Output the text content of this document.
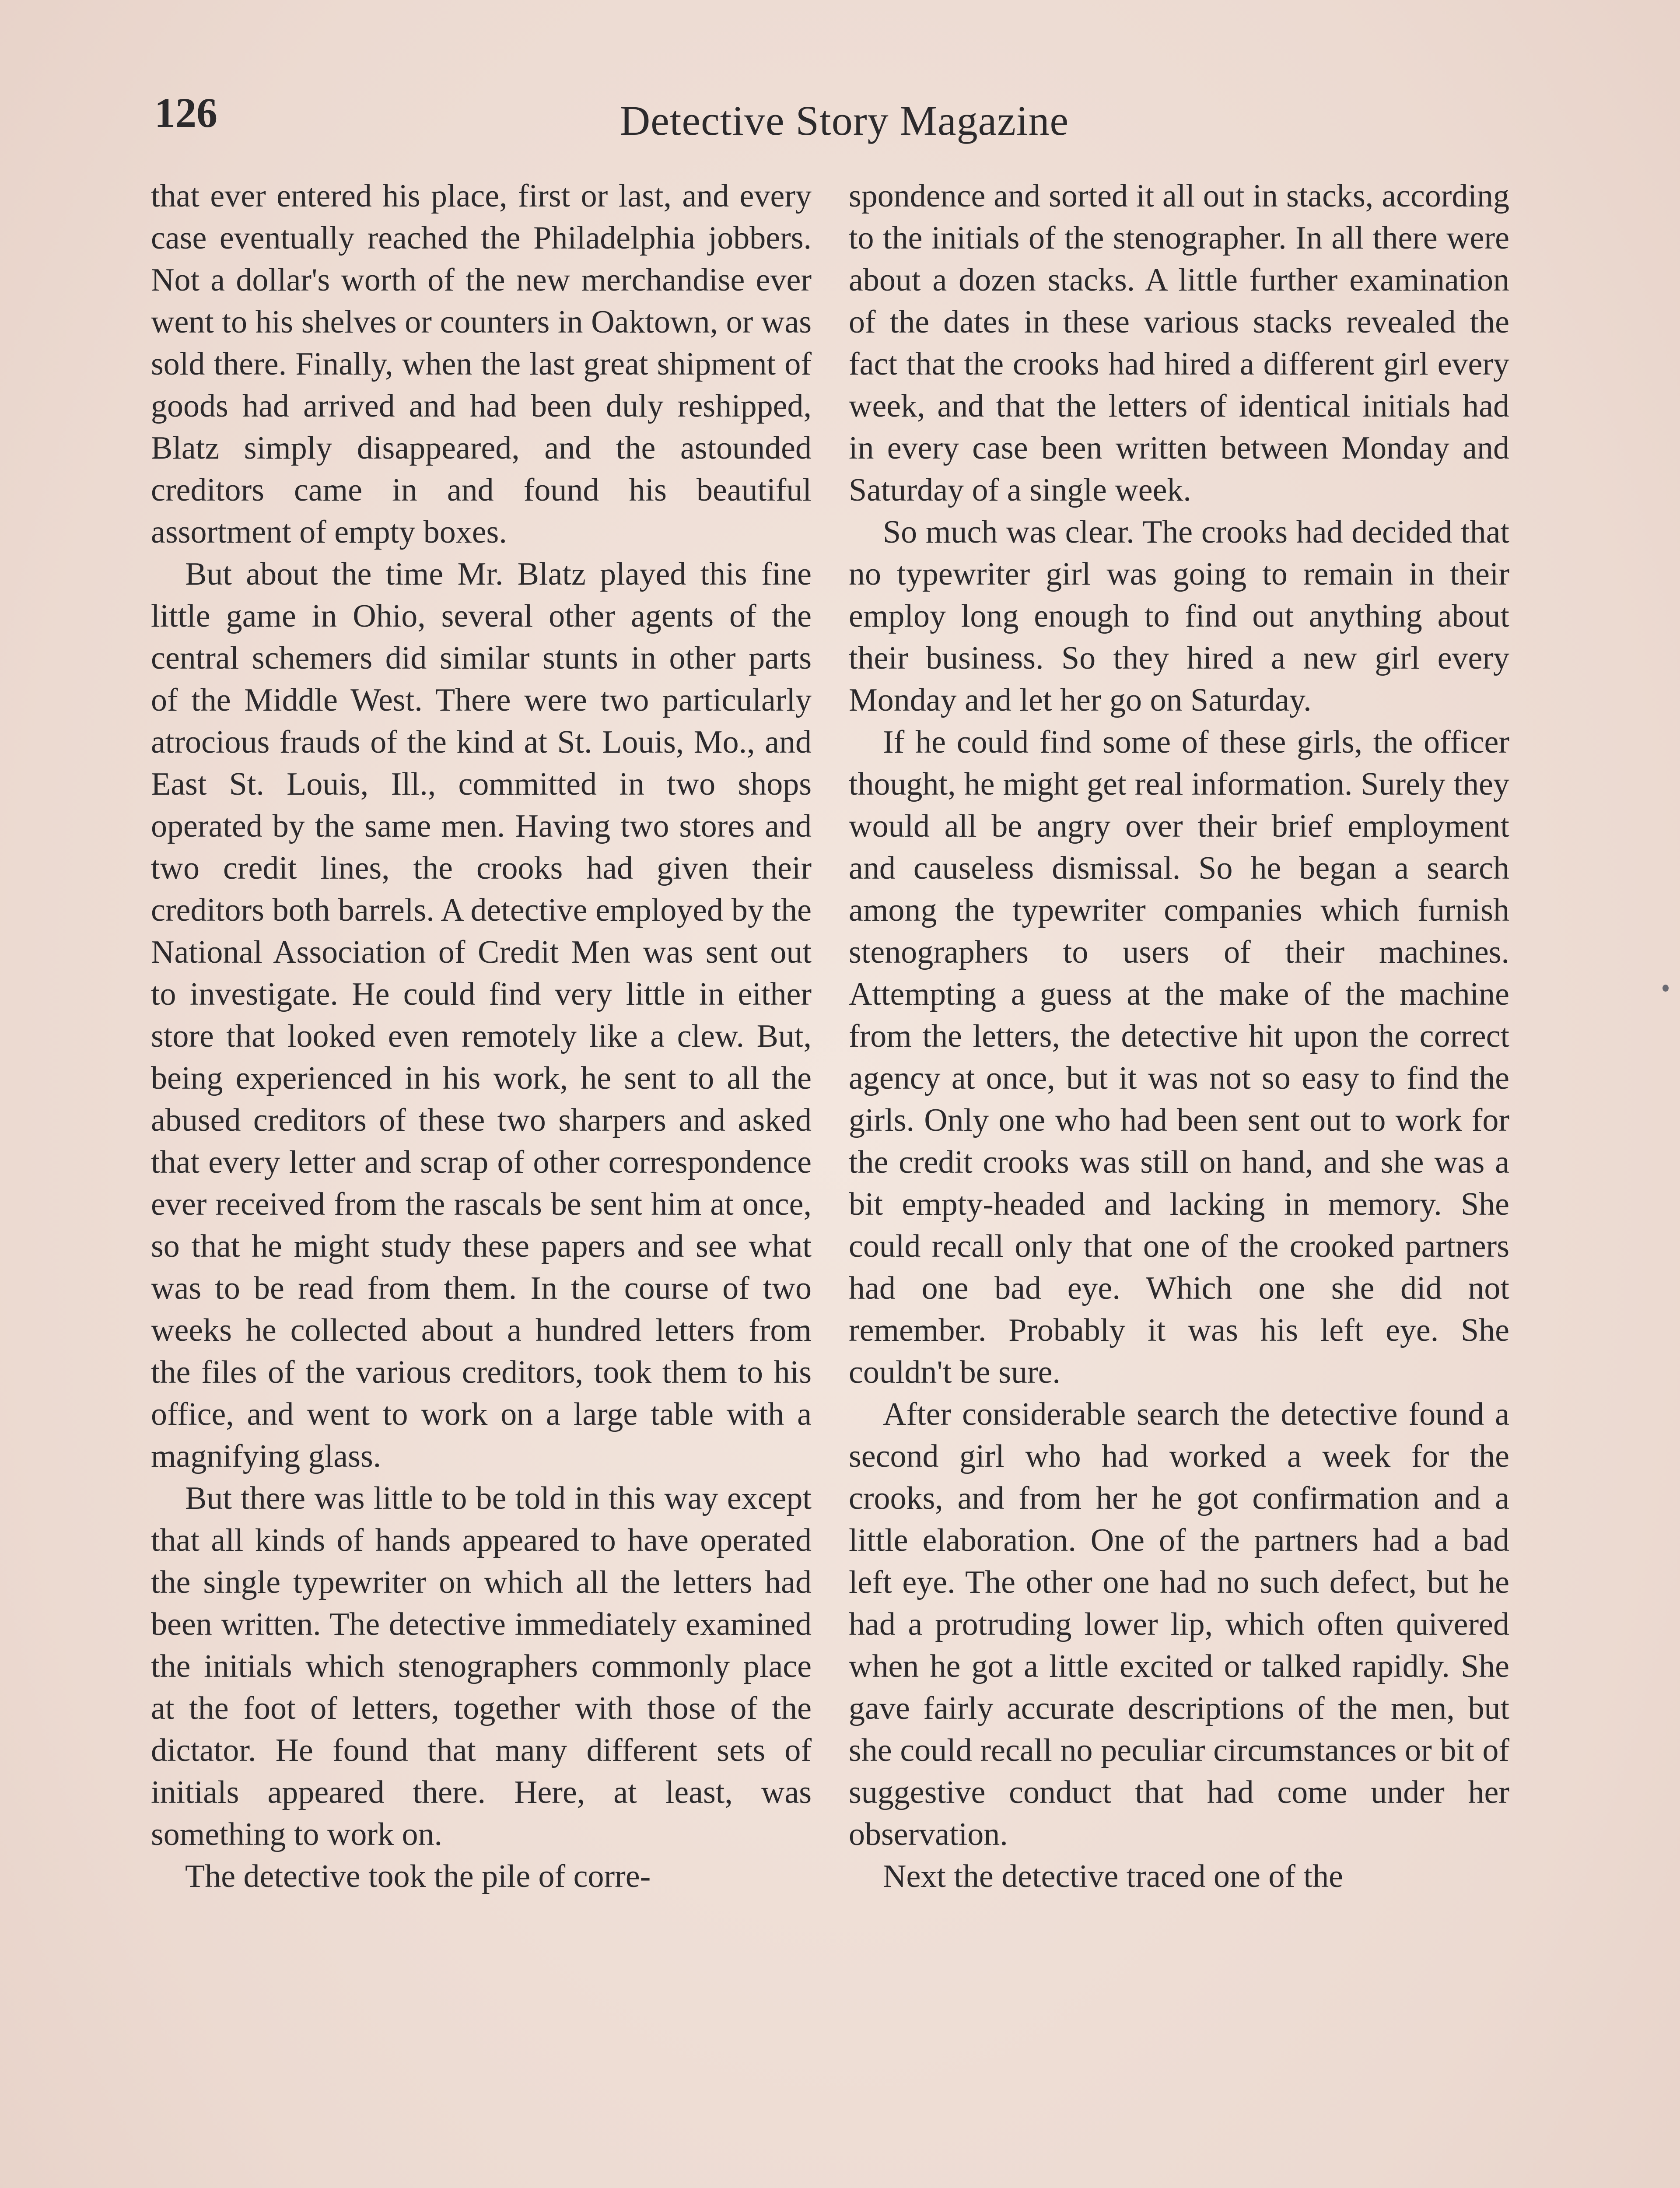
126	Detective Story Magazine

that ever entered his place, first or last, and every case eventually reached the Philadelphia jobbers. Not a dollar's worth of the new merchandise ever went to his shelves or counters in Oaktown, or was sold there. Finally, when the last great shipment of goods had arrived and had been duly reshipped, Blatz simply disappeared, and the astounded creditors came in and found his beautiful assortment of empty boxes.

But about the time Mr. Blatz played this fine little game in Ohio, several other agents of the central schemers did similar stunts in other parts of the Middle West. There were two particularly atrocious frauds of the kind at St. Louis, Mo., and East St. Louis, Ill., committed in two shops operated by the same men. Having two stores and two credit lines, the crooks had given their creditors both barrels. A detective employed by the National Association of Credit Men was sent out to investigate. He could find very little in either store that looked even remotely like a clew. But, being experienced in his work, he sent to all the abused creditors of these two sharpers and asked that every letter and scrap of other correspondence ever received from the rascals be sent him at once, so that he might study these papers and see what was to be read from them. In the course of two weeks he collected about a hundred letters from the files of the various creditors, took them to his office, and went to work on a large table with a magnifying glass.

But there was little to be told in this way except that all kinds of hands appeared to have operated the single typewriter on which all the letters had been written. The detective immediately examined the initials which stenographers commonly place at the foot of letters, together with those of the dictator. He found that many different sets of initials appeared there. Here, at least, was something to work on.

The detective took the pile of corre-

spondence and sorted it all out in stacks, according to the initials of the stenographer. In all there were about a dozen stacks. A little further examination of the dates in these various stacks revealed the fact that the crooks had hired a different girl every week, and that the letters of identical initials had in every case been written between Monday and Saturday of a single week.

So much was clear. The crooks had decided that no typewriter girl was going to remain in their employ long enough to find out anything about their business. So they hired a new girl every Monday and let her go on Saturday.

If he could find some of these girls, the officer thought, he might get real information. Surely they would all be angry over their brief employment and causeless dismissal. So he began a search among the typewriter companies which furnish stenographers to users of their machines. Attempting a guess at the make of the machine from the letters, the detective hit upon the correct agency at once, but it was not so easy to find the girls. Only one who had been sent out to work for the credit crooks was still on hand, and she was a bit empty-headed and lacking in memory. She could recall only that one of the crooked partners had one bad eye. Which one she did not remember. Probably it was his left eye. She couldn't be sure.

After considerable search the detective found a second girl who had worked a week for the crooks, and from her he got confirmation and a little elaboration. One of the partners had a bad left eye. The other one had no such defect, but he had a protruding lower lip, which often quivered when he got a little excited or talked rapidly. She gave fairly accurate descriptions of the men, but she could recall no peculiar circumstances or bit of suggestive conduct that had come under her observation.

Next the detective traced one of the
